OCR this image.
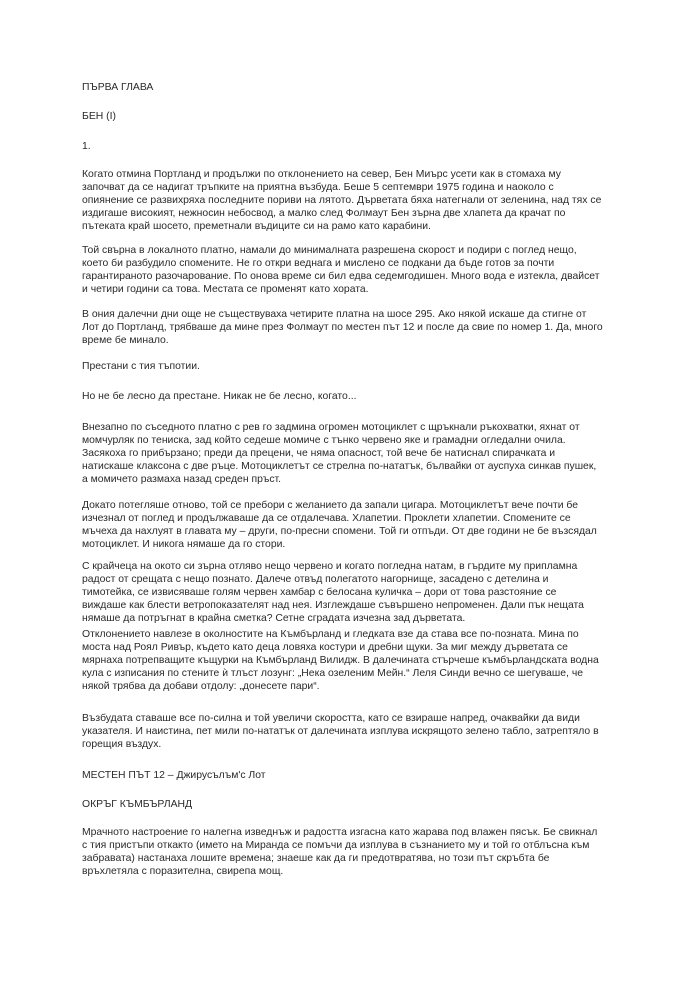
ПЪРВА ГЛАВА
БЕН (I)
1.
Когато отмина Портланд и продължи по отклонението на север, Бен Миърс усети как в стомаха му
започват да се надигат тръпките на приятна възбуда. Беше 5 септември 1975 година и наоколо с
опиянение се развихряха последните пориви на лятото. Дърветата бяха натегнали от зеленина, над тях се
издигаше високият, нежносин небосвод, а малко след Фолмаут Бен зърна две хлапета да крачат по
пътеката край шосето, преметнали въдиците си на рамо като карабини.
Той свърна в локалното платно, намали до минималната разрешена скорост и подири с поглед нещо,
което би разбудило спомените. Не го откри веднага и мислено се подкани да бъде готов за почти
гарантираното разочарование. По онова време си бил едва седемгодишен. Много вода е изтекла, двайсет
и четири години са това. Местата се променят като хората.
В ония далечни дни още не съществуваха четирите платна на шосе 295. Ако някой искаше да стигне от
Лот до Портланд, трябваше да мине през Фолмаут по местен път 12 и после да свие по номер 1. Да, много
време бе минало.
Престани с тия тъпотии.
Но не бе лесно да престане. Никак не бе лесно, когато...
Внезапно по съседното платно с рев го задмина огромен мотоциклет с щръкнали ръкохватки, яхнат от
момчурляк по тениска, зад който седеше момиче с тънко червено яке и грамадни огледални очила.
Засякоха го прибързано; преди да прецени, че няма опасност, той вече бе натиснал спирачката и
натискаше клаксона с две ръце. Мотоциклетът се стрелна по-нататък, бълвайки от ауспуха синкав пушек,
а момичето размаха назад среден пръст.
Докато потегляше отново, той се пребори с желанието да запали цигара. Мотоциклетът вече почти бе
изчезнал от поглед и продължаваше да се отдалечава. Хлапетии. Проклети хлапетии. Спомените се
мъчеха да нахлуят в главата му – други, по-пресни спомени. Той ги отпъди. От две години не бе възсядал
мотоциклет. И никога нямаше да го стори.
С крайчеца на окото си зърна отляво нещо червено и когато погледна натам, в гърдите му припламна
радост от срещата с нещо познато. Далече отвъд полегатото нагорнище, засадено с детелина и
тимотейка, се извисяваше голям червен хамбар с белосана куличка – дори от това разстояние се
виждаше как блести ветропоказателят над нея. Изглеждаше съвършено непроменен. Дали пък нещата
нямаше да потръгнат в крайна сметка? Сетне сградата изчезна зад дърветата.
Отклонението навлезе в околностите на Къмбърланд и гледката взе да става все по-позната. Мина по
моста над Роял Ривър, където като деца ловяха костури и дребни щуки. За миг между дърветата се
мярнаха потрепващите къщурки на Къмбърланд Вилидж. В далечината стърчеше къмбърландската водна
кула с изписания по стените ѝ тлъст лозунг: „Нека озеленим Мейн.“ Леля Синди вечно се шегуваше, че
някой трябва да добави отдолу: „донесете пари“.
Възбудата ставаше все по-силна и той увеличи скоростта, като се взираше напред, очаквайки да види
указателя. И наистина, пет мили по-нататък от далечината изплува искрящото зелено табло, затрептяло в
горещия въздух.
МЕСТЕН ПЪТ 12 – Джирусълъм'с Лот
ОКРЪГ КЪМБЪРЛАНД
Мрачното настроение го налегна изведнъж и радостта изгасна като жарава под влажен пясък. Бе свикнал
с тия пристъпи откакто (името на Миранда се помъчи да изплува в съзнанието му и той го отблъсна към
забравата) настанаха лошите времена; знаеше как да ги предотвратява, но този път скръбта бе
връхлетяла с поразителна, свирепа мощ.
